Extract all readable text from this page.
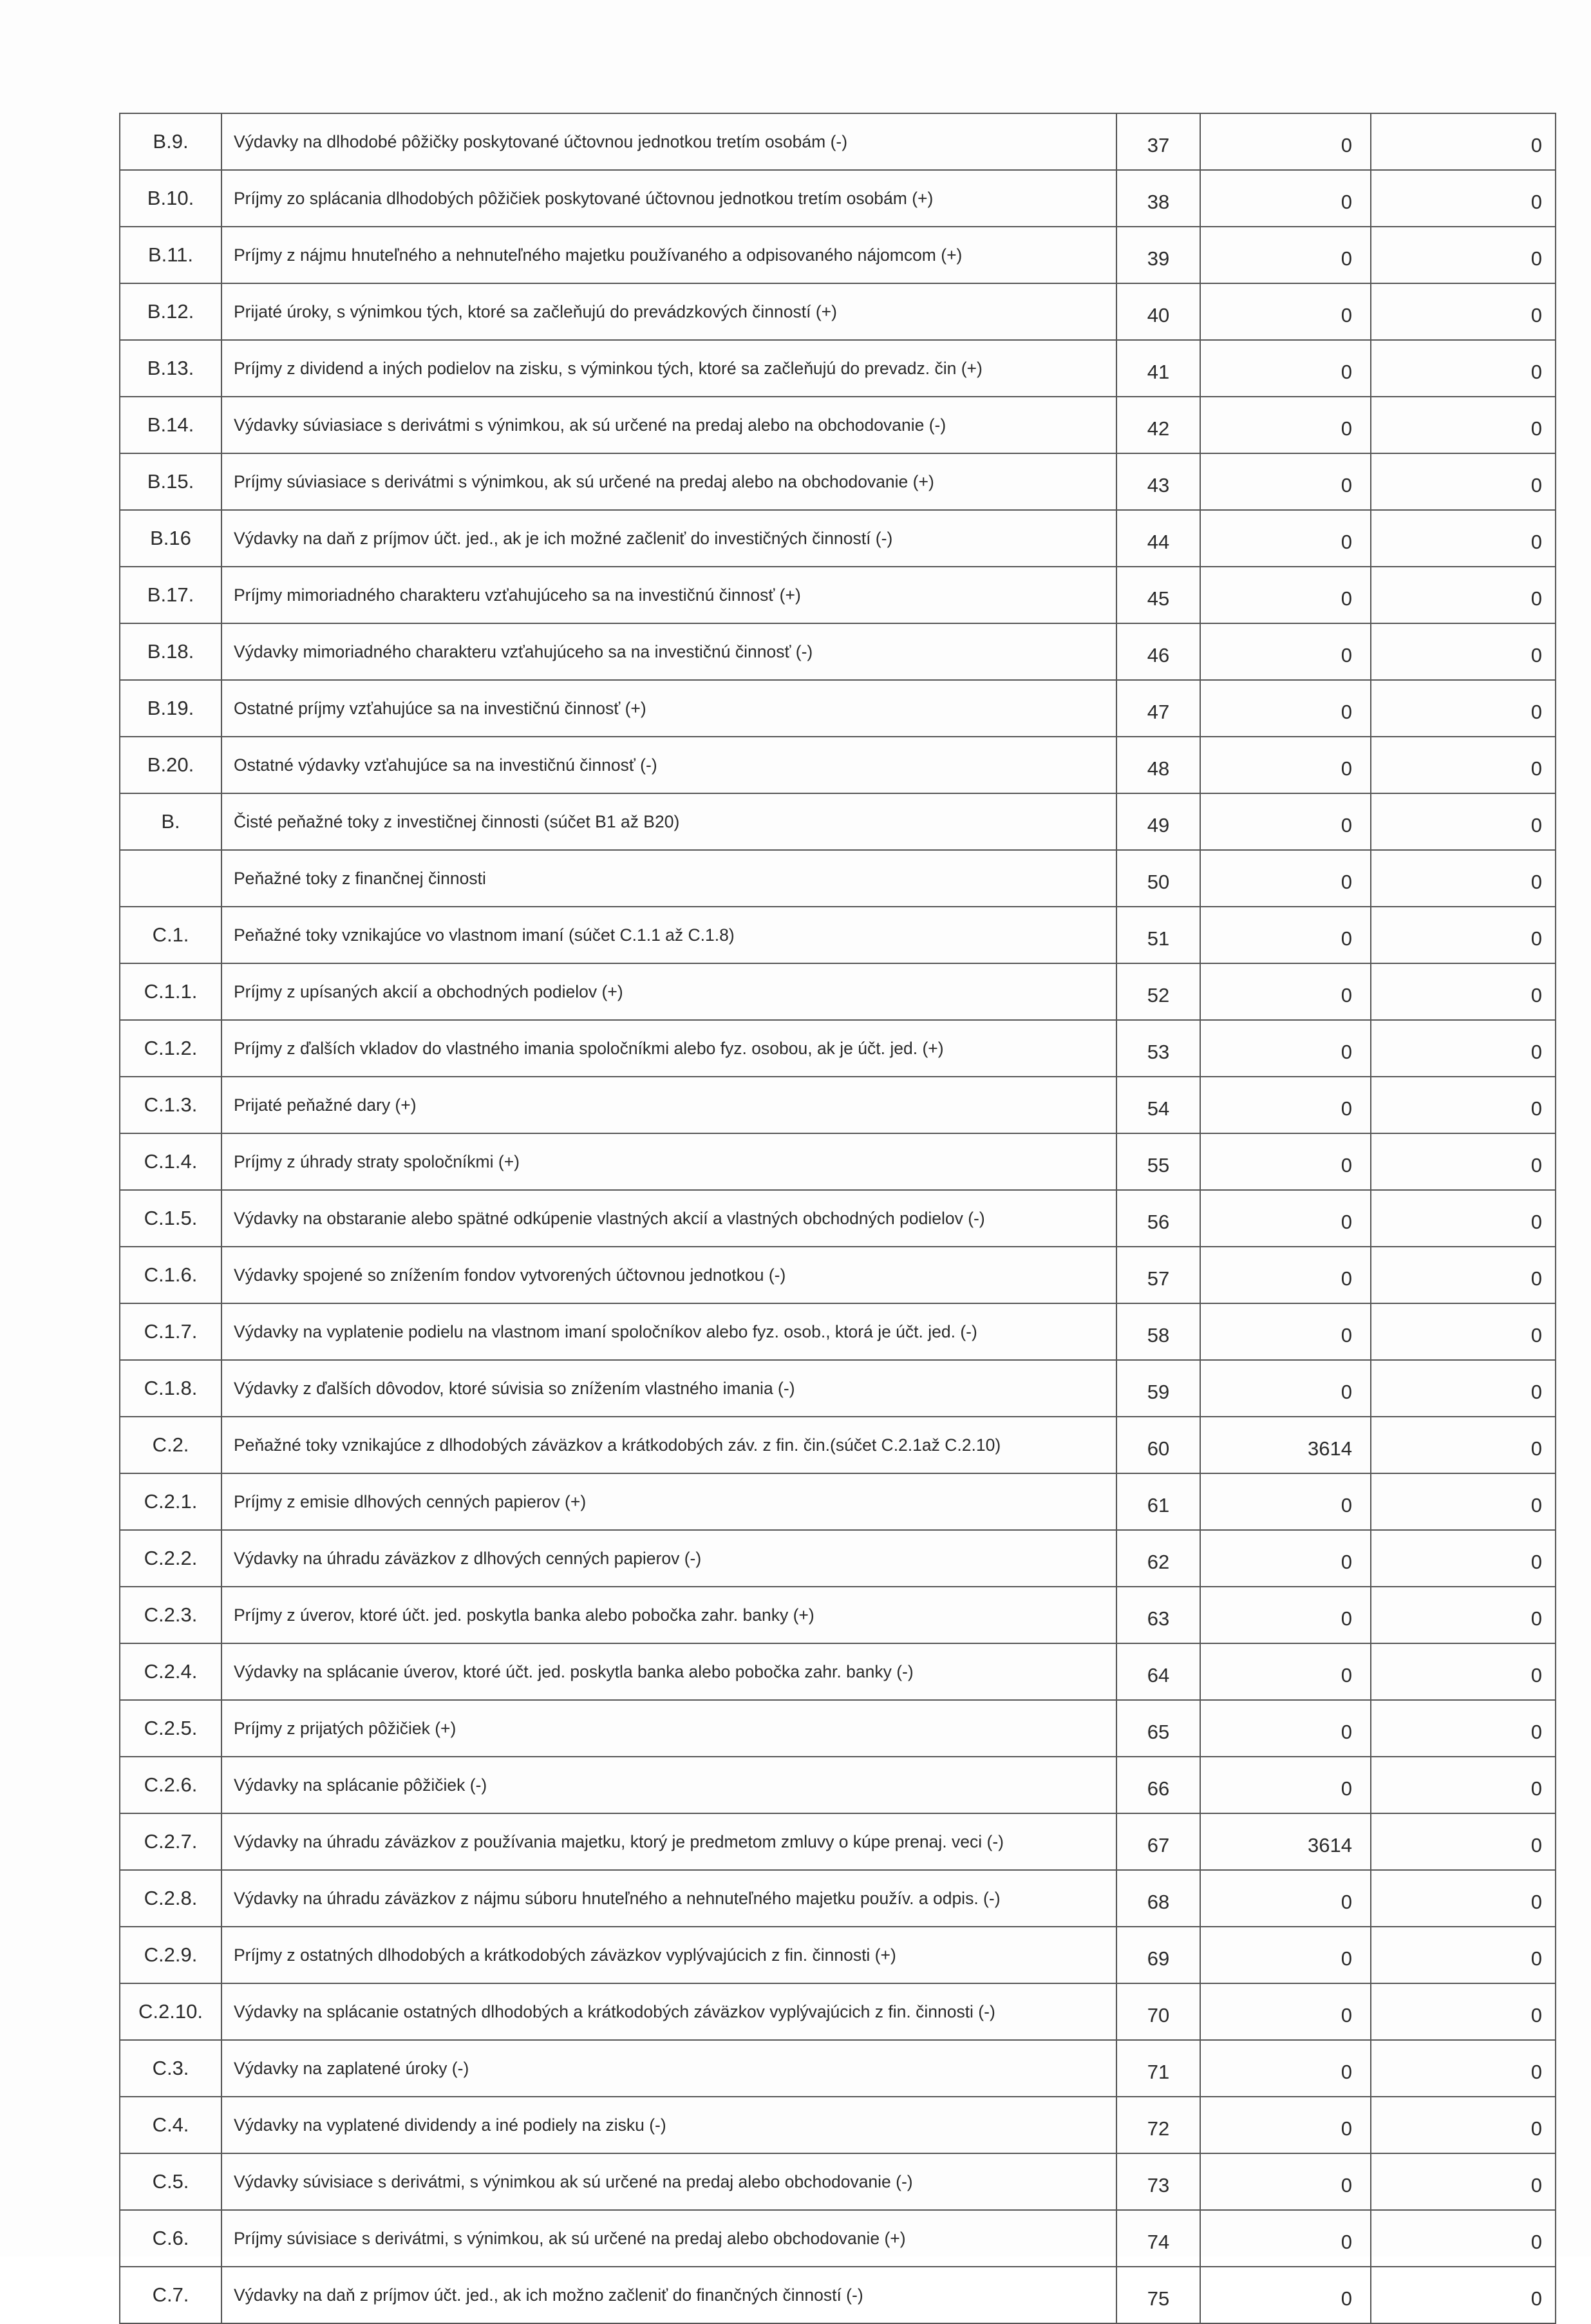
B.9.	Výdavky na dlhodobé pôžičky poskytované účtovnou jednotkou tretím osobám (-)	37	0	0
B.10.	Príjmy zo splácania dlhodobých pôžičiek poskytované účtovnou jednotkou tretím osobám (+)	38	0	0
B.11.	Príjmy z nájmu hnuteľného a nehnuteľného majetku používaného a odpisovaného nájomcom (+)	39	0	0
B.12.	Prijaté úroky, s výnimkou tých, ktoré sa začleňujú do prevádzkových činností (+)	40	0	0
B.13.	Príjmy z dividend a iných podielov na zisku, s výminkou tých, ktoré sa začleňujú do prevadz. čin (+)	41	0	0
B.14.	Výdavky súviasiace s derivátmi s výnimkou, ak sú určené na predaj alebo na obchodovanie (-)	42	0	0
B.15.	Príjmy súviasiace s derivátmi s výnimkou, ak sú určené na predaj alebo na obchodovanie (+)	43	0	0
B.16	Výdavky na daň z príjmov účt. jed., ak je ich možné začleniť do investičných činností (-)	44	0	0
B.17.	Príjmy mimoriadného charakteru vzťahujúceho sa na investičnú činnosť (+)	45	0	0
B.18.	Výdavky mimoriadného charakteru vzťahujúceho sa na investičnú činnosť (-)	46	0	0
B.19.	Ostatné príjmy vzťahujúce sa na investičnú činnosť (+)	47	0	0
B.20.	Ostatné výdavky vzťahujúce sa na investičnú činnosť (-)	48	0	0
B.	Čisté peňažné toky z investičnej činnosti (súčet B1 až B20)	49	0	0
	Peňažné toky z finančnej činnosti	50	0	0
C.1.	Peňažné toky vznikajúce vo vlastnom imaní (súčet C.1.1 až C.1.8)	51	0	0
C.1.1.	Príjmy z upísaných akcií a obchodných podielov (+)	52	0	0
C.1.2.	Príjmy z ďalších vkladov do vlastného imania spoločníkmi alebo fyz. osobou, ak je účt. jed. (+)	53	0	0
C.1.3.	Prijaté peňažné dary (+)	54	0	0
C.1.4.	Príjmy z úhrady straty spoločníkmi (+)	55	0	0
C.1.5.	Výdavky na obstaranie alebo spätné odkúpenie vlastných akcií a vlastných obchodných podielov (-)	56	0	0
C.1.6.	Výdavky spojené so znížením fondov vytvorených účtovnou jednotkou (-)	57	0	0
C.1.7.	Výdavky na vyplatenie podielu na vlastnom imaní spoločníkov alebo fyz. osob., ktorá je účt. jed. (-)	58	0	0
C.1.8.	Výdavky z ďalších dôvodov, ktoré súvisia so znížením vlastného imania (-)	59	0	0
C.2.	Peňažné toky vznikajúce z dlhodobých záväzkov a krátkodobých záv. z fin. čin.(súčet C.2.1až C.2.10)	60	3614	0
C.2.1.	Príjmy z emisie dlhových cenných papierov (+)	61	0	0
C.2.2.	Výdavky na úhradu záväzkov z dlhových cenných papierov (-)	62	0	0
C.2.3.	Príjmy z úverov, ktoré účt. jed. poskytla banka alebo pobočka zahr. banky (+)	63	0	0
C.2.4.	Výdavky na splácanie úverov, ktoré účt. jed. poskytla banka alebo pobočka zahr. banky (-)	64	0	0
C.2.5.	Príjmy z prijatých pôžičiek (+)	65	0	0
C.2.6.	Výdavky na splácanie pôžičiek (-)	66	0	0
C.2.7.	Výdavky na úhradu záväzkov z používania majetku, ktorý je predmetom zmluvy o kúpe prenaj. veci (-)	67	3614	0
C.2.8.	Výdavky na úhradu záväzkov z nájmu súboru hnuteľného a nehnuteľného majetku použív. a odpis. (-)	68	0	0
C.2.9.	Príjmy z ostatných dlhodobých a krátkodobých záväzkov vyplývajúcich z fin. činnosti (+)	69	0	0
C.2.10.	Výdavky na splácanie ostatných dlhodobých a krátkodobých záväzkov vyplývajúcich z fin. činnosti (-)	70	0	0
C.3.	Výdavky na zaplatené úroky (-)	71	0	0
C.4.	Výdavky na vyplatené dividendy a iné podiely na zisku (-)	72	0	0
C.5.	Výdavky súvisiace s derivátmi, s výnimkou ak sú určené na predaj alebo obchodovanie (-)	73	0	0
C.6.	Príjmy súvisiace s derivátmi, s výnimkou, ak sú určené na predaj alebo obchodovanie (+)	74	0	0
C.7.	Výdavky na daň z príjmov účt. jed., ak ich možno začleniť do finančných činností (-)	75	0	0
